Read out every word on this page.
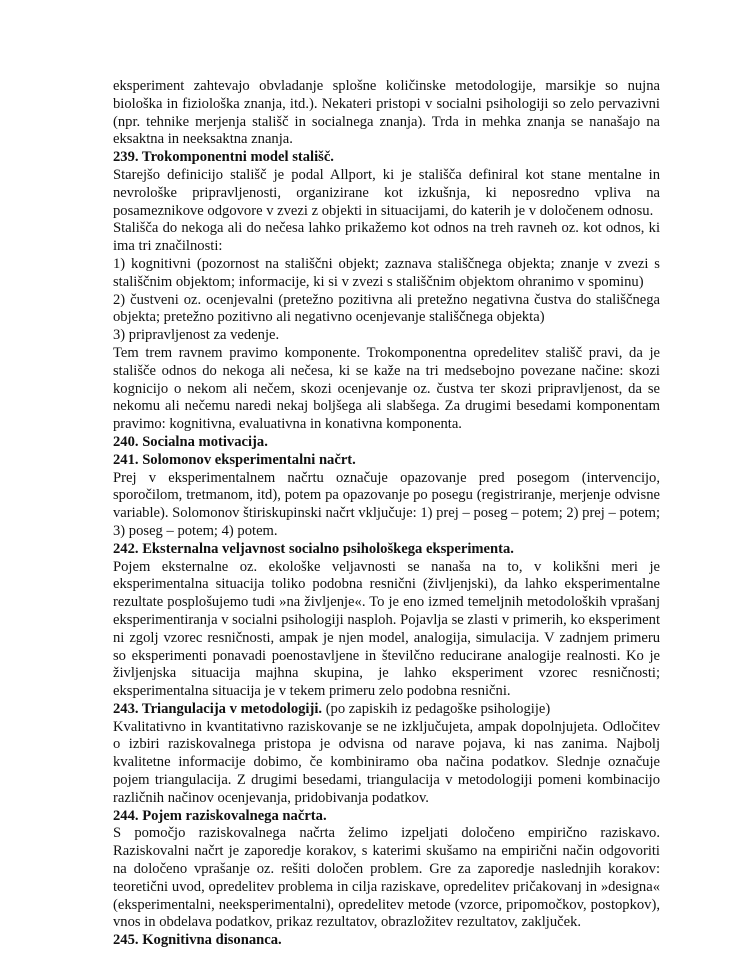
eksperiment zahtevajo obvladanje splošne količinske metodologije, marsikje so nujna biološka in fiziološka znanja, itd.). Nekateri pristopi v socialni psihologiji so zelo pervazivni (npr. tehnike merjenja stališč in socialnega znanja). Trda in mehka znanja se nanašajo na eksaktna in neeksaktna znanja.

239. Trokomponentni model stališč.

Starejšo definicijo stališč je podal Allport, ki je stališča definiral kot stane mentalne in nevrološke pripravljenosti, organizirane kot izkušnja, ki neposredno vpliva na posameznikove odgovore v zvezi z objekti in situacijami, do katerih je v določenem odnosu.

Stališča do nekoga ali do nečesa lahko prikažemo kot odnos na treh ravneh oz. kot odnos, ki ima tri značilnosti:

1) kognitivni (pozornost na stališčni objekt; zaznava stališčnega objekta; znanje v zvezi s stališčnim objektom; informacije, ki si v zvezi s stališčnim objektom ohranimo v spominu)

2) čustveni oz. ocenjevalni (pretežno pozitivna ali pretežno negativna čustva do stališčnega objekta; pretežno pozitivno ali negativno ocenjevanje stališčnega objekta)

3) pripravljenost za vedenje.

Tem trem ravnem pravimo komponente. Trokomponentna opredelitev stališč pravi, da je stališče odnos do nekoga ali nečesa, ki se kaže na tri medsebojno povezane načine: skozi kognicijo o nekom ali nečem, skozi ocenjevanje oz. čustva ter skozi pripravljenost, da se nekomu ali nečemu naredi nekaj boljšega ali slabšega. Za drugimi besedami komponentam pravimo: kognitivna, evaluativna in konativna komponenta.

240. Socialna motivacija.

241. Solomonov eksperimentalni načrt.

Prej v eksperimentalnem načrtu označuje opazovanje pred posegom (intervencijo, sporočilom, tretmanom, itd), potem pa opazovanje po posegu (registriranje, merjenje odvisne variable). Solomonov štiriskupinski načrt vključuje: 1) prej – poseg – potem; 2) prej – potem; 3) poseg – potem; 4) potem.

242. Eksternalna veljavnost socialno psihološkega eksperimenta.

Pojem eksternalne oz. ekološke veljavnosti se nanaša na to, v kolikšni meri je eksperimentalna situacija toliko podobna resnični (življenjski), da lahko eksperimentalne rezultate posplošujemo tudi »na življenje«. To je eno izmed temeljnih metodoloških vprašanj eksperimentiranja v socialni psihologiji nasploh. Pojavlja se zlasti v primerih, ko eksperiment ni zgolj vzorec resničnosti, ampak je njen model, analogija, simulacija. V zadnjem primeru so eksperimenti ponavadi poenostavljene in številčno reducirane analogije realnosti. Ko je življenjska situacija majhna skupina, je lahko eksperiment vzorec resničnosti; eksperimentalna situacija je v tekem primeru zelo podobna resnični.

243. Triangulacija v metodologiji. (po zapiskih iz pedagoške psihologije)

Kvalitativno in kvantitativno raziskovanje se ne izključujeta, ampak dopolnjujeta. Odločitev o izbiri raziskovalnega pristopa je odvisna od narave pojava, ki nas zanima. Najbolj kvalitetne informacije dobimo, če kombiniramo oba načina podatkov. Slednje označuje pojem triangulacija. Z drugimi besedami, triangulacija v metodologiji pomeni kombinacijo različnih načinov ocenjevanja, pridobivanja podatkov.

244. Pojem raziskovalnega načrta.

S pomočjo raziskovalnega načrta želimo izpeljati določeno empirično raziskavo. Raziskovalni načrt je zaporedje korakov, s katerimi skušamo na empirični način odgovoriti na določeno vprašanje oz. rešiti določen problem. Gre za zaporedje naslednjih korakov: teoretični uvod, opredelitev problema in cilja raziskave, opredelitev pričakovanj in »designa« (eksperimentalni, neeksperimentalni), opredelitev metode (vzorce, pripomočkov, postopkov), vnos in obdelava podatkov, prikaz rezultatov, obrazložitev rezultatov, zaključek.

245. Kognitivna disonanca.
